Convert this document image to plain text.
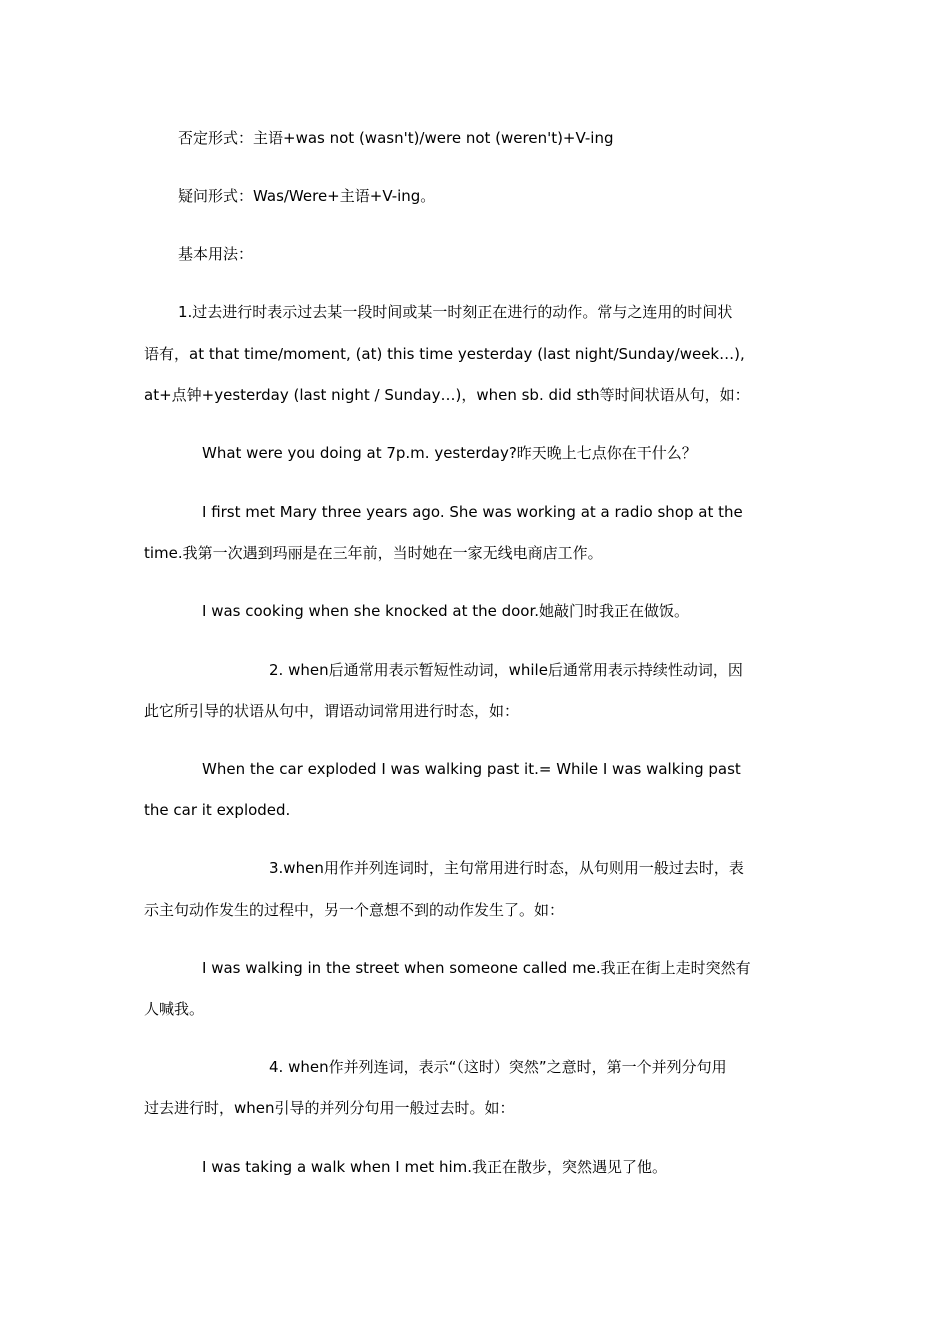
否定形式：主语+was not (wasn't)/were not (weren't)+V-ing
疑问形式：Was/Were+主语+V-ing。
基本用法：
1.过去进行时表示过去某一段时间或某一时刻正在进行的动作。常与之连用的时间状
语有，at that time/moment, (at) this time yesterday (last night/Sunday/week…),
at+点钟+yesterday (last night / Sunday…)，when sb. did sth等时间状语从句，如：
What were you doing at 7p.m. yesterday?昨天晚上七点你在干什么？
I first met Mary three years ago. She was working at a radio shop at the
time.我第一次遇到玛丽是在三年前，当时她在一家无线电商店工作。
I was cooking when she knocked at the door.她敲门时我正在做饭。
2. when后通常用表示暂短性动词，while后通常用表示持续性动词，因
此它所引导的状语从句中，谓语动词常用进行时态，如：
When the car exploded I was walking past it.= While I was walking past
the car it exploded.
3.when用作并列连词时，主句常用进行时态，从句则用一般过去时，表
示主句动作发生的过程中，另一个意想不到的动作发生了。如：
I was walking in the street when someone called me.我正在街上走时突然有
人喊我。
4. when作并列连词，表示“（这时）突然”之意时，第一个并列分句用
过去进行时，when引导的并列分句用一般过去时。如：
I was taking a walk when I met him.我正在散步，突然遇见了他。
